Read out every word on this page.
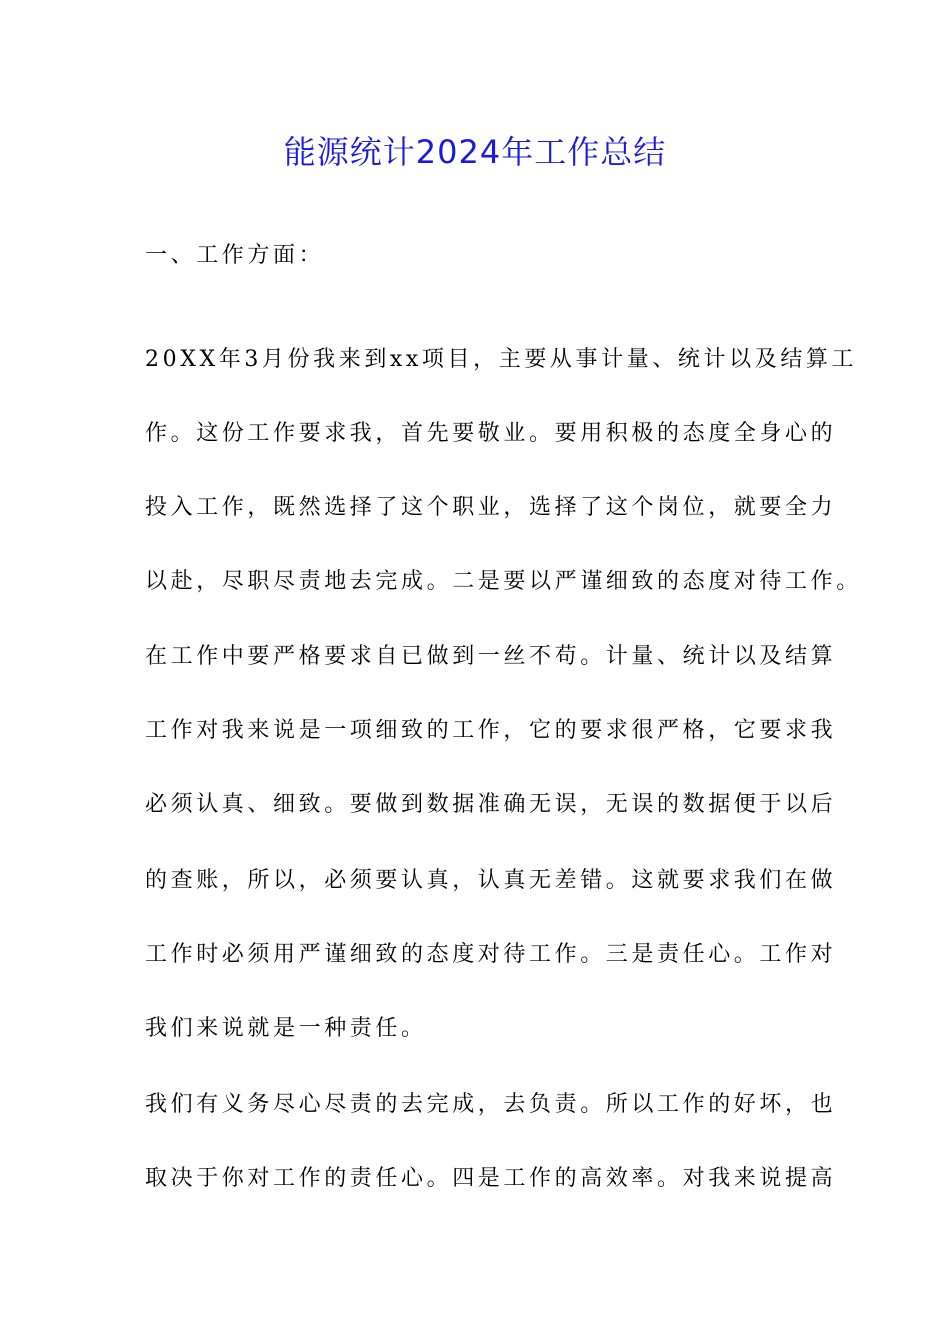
能源统计2024年工作总结
一、工作方面：
20XX年3月份我来到xx项目，主要从事计量、统计以及结算工
作。这份工作要求我，首先要敬业。要用积极的态度全身心的
投入工作，既然选择了这个职业，选择了这个岗位，就要全力
以赴，尽职尽责地去完成。二是要以严谨细致的态度对待工作。
在工作中要严格要求自已做到一丝不苟。计量、统计以及结算
工作对我来说是一项细致的工作，它的要求很严格，它要求我
必须认真、细致。要做到数据准确无误，无误的数据便于以后
的查账，所以，必须要认真，认真无差错。这就要求我们在做
工作时必须用严谨细致的态度对待工作。三是责任心。工作对
我们来说就是一种责任。
我们有义务尽心尽责的去完成，去负责。所以工作的好坏，也
取决于你对工作的责任心。四是工作的高效率。对我来说提高
